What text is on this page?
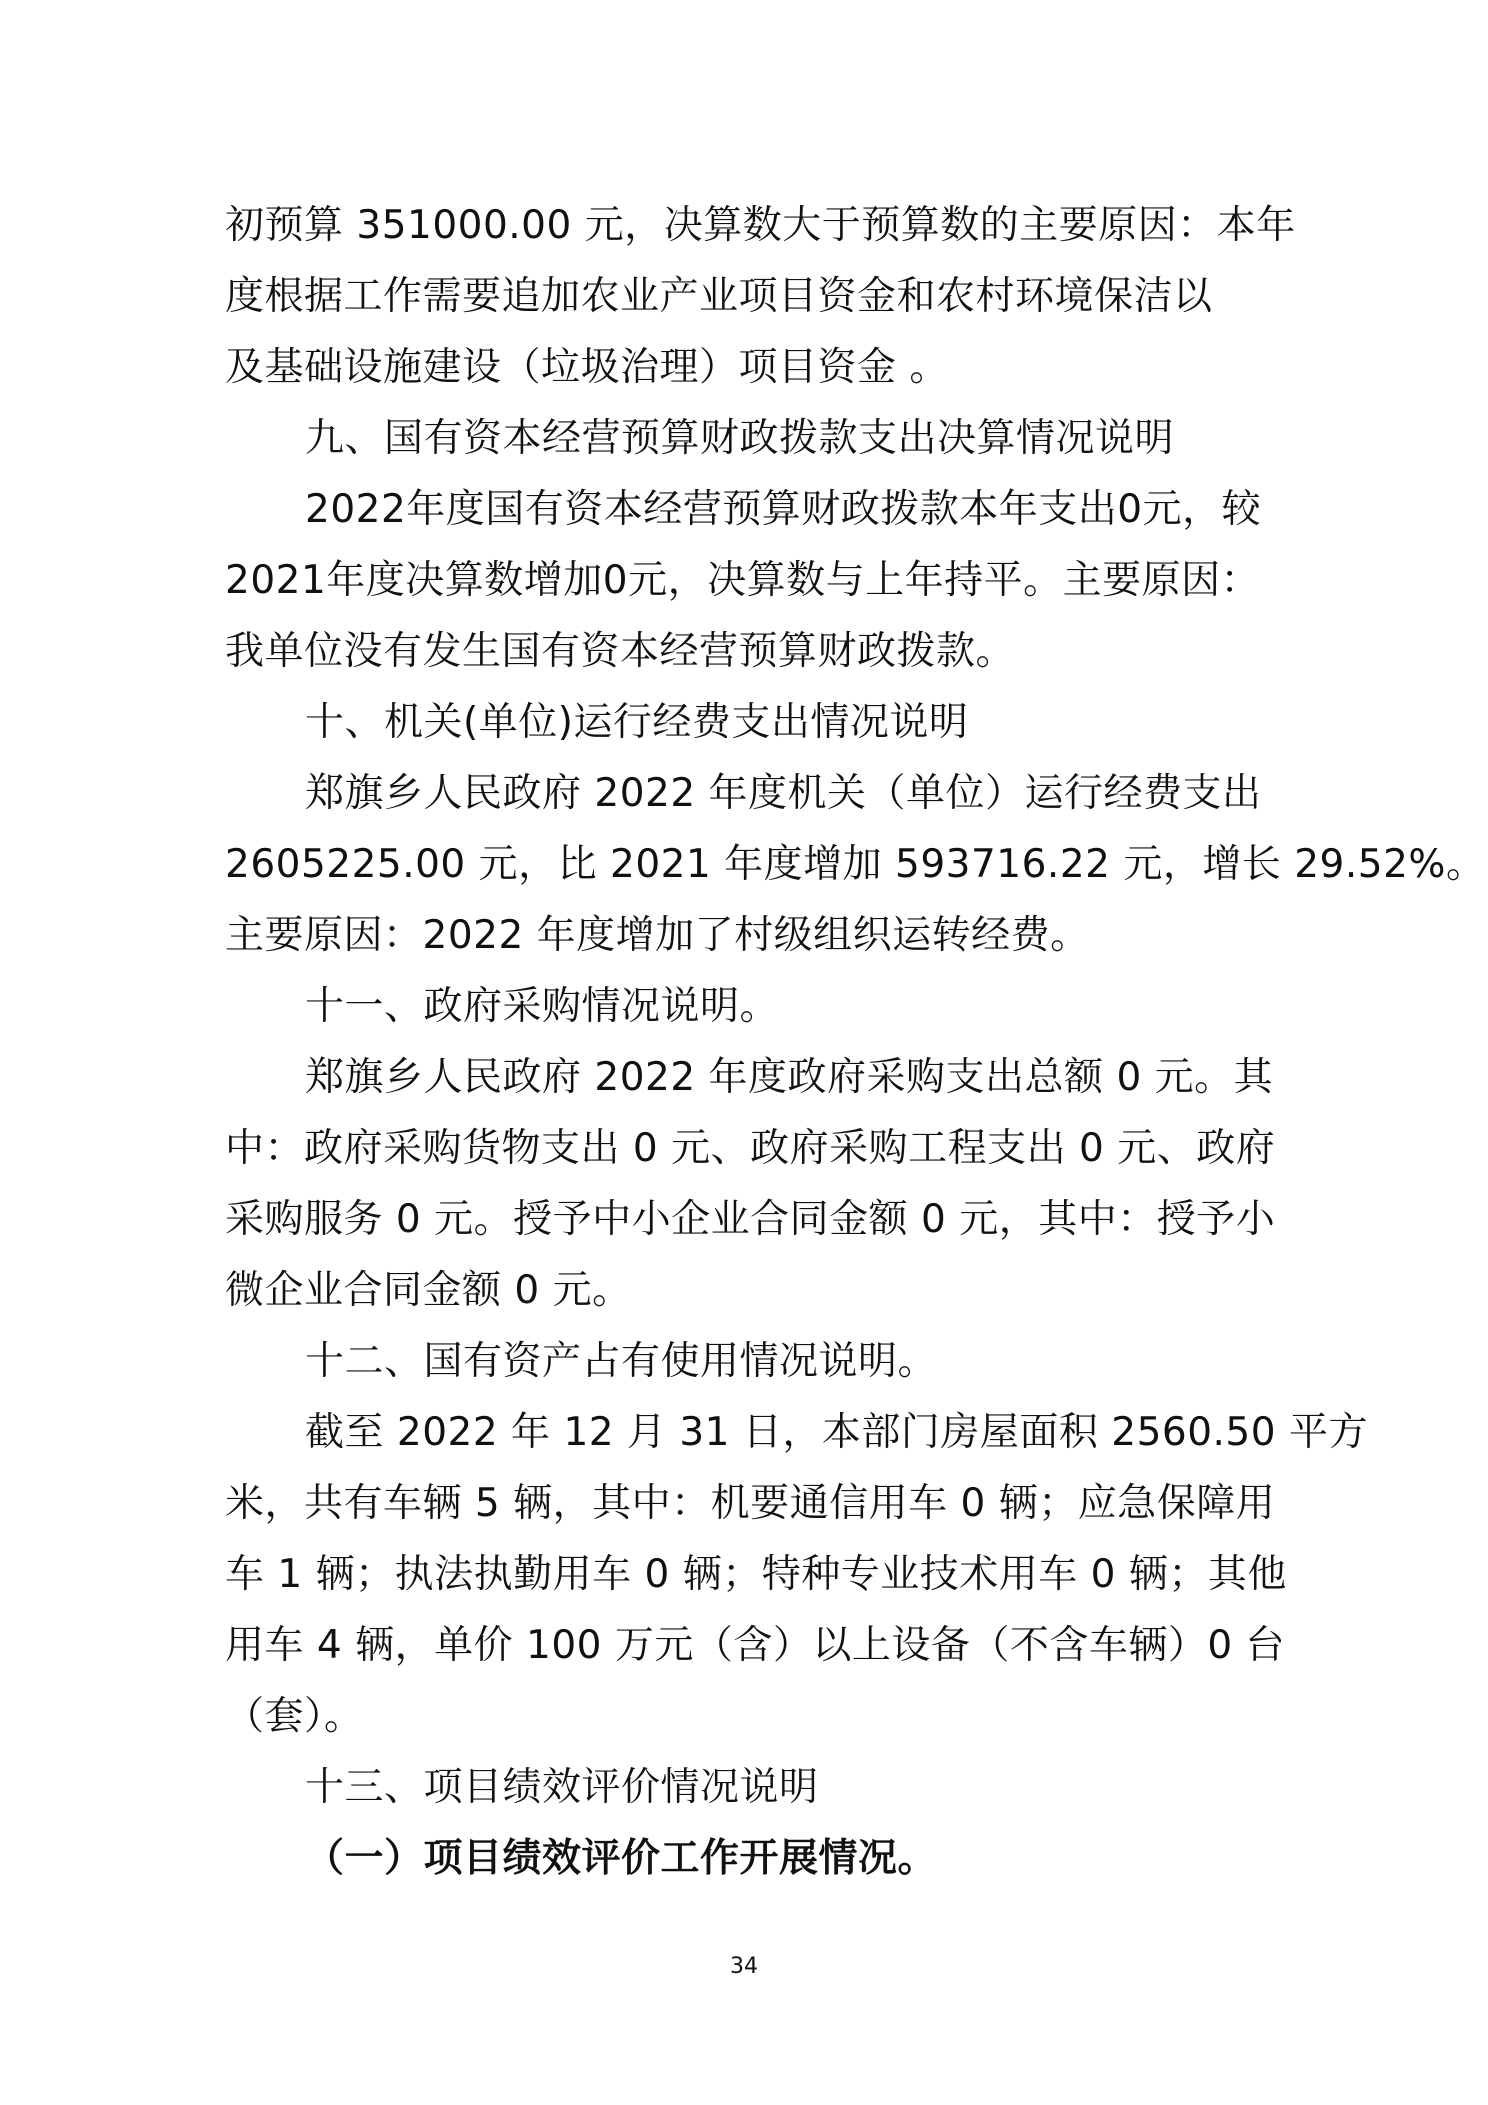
初预算 351000.00 元，决算数大于预算数的主要原因：本年
度根据工作需要追加农业产业项目资金和农村环境保洁以
及基础设施建设（垃圾治理）项目资金 。
九、国有资本经营预算财政拨款支出决算情况说明
2022年度国有资本经营预算财政拨款本年支出0元，较
2021年度决算数增加0元，决算数与上年持平。主要原因：
我单位没有发生国有资本经营预算财政拨款。
十、机关(单位)运行经费支出情况说明
郑旗乡人民政府 2022 年度机关（单位）运行经费支出
2605225.00 元，比 2021 年度增加 593716.22 元，增长 29.52%。
主要原因：2022 年度增加了村级组织运转经费。
十一、政府采购情况说明。
郑旗乡人民政府 2022 年度政府采购支出总额 0 元。其
中：政府采购货物支出 0 元、政府采购工程支出 0 元、政府
采购服务 0 元。授予中小企业合同金额 0 元，其中：授予小
微企业合同金额 0 元。
十二、国有资产占有使用情况说明。
截至 2022 年 12 月 31 日，本部门房屋面积 2560.50 平方
米，共有车辆 5 辆，其中：机要通信用车 0 辆；应急保障用
车 1 辆；执法执勤用车 0 辆；特种专业技术用车 0 辆；其他
用车 4 辆，单价 100 万元（含）以上设备（不含车辆）0 台
（套）。
十三、项目绩效评价情况说明
（一）项目绩效评价工作开展情况。
34
